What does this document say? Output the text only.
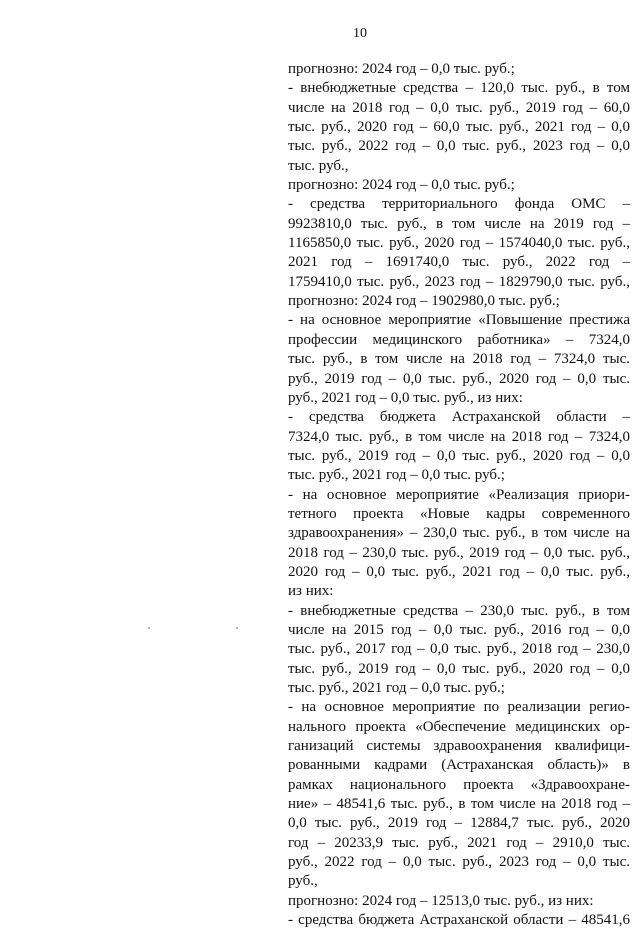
10
прогнозно: 2024 год – 0,0 тыс. руб.;
- внебюджетные средства – 120,0 тыс. руб., в том
числе на 2018 год – 0,0 тыс. руб., 2019 год – 60,0
тыс. руб., 2020 год – 60,0 тыс. руб., 2021 год – 0,0
тыс. руб., 2022 год – 0,0 тыс. руб., 2023 год – 0,0
тыс. руб.,
прогнозно: 2024 год – 0,0 тыс. руб.;
- средства территориального фонда ОМС –
9923810,0 тыс. руб., в том числе на 2019 год –
1165850,0 тыс. руб., 2020 год – 1574040,0 тыс. руб.,
2021 год – 1691740,0 тыс. руб., 2022 год –
1759410,0 тыс. руб., 2023 год – 1829790,0 тыс. руб.,
прогнозно: 2024 год – 1902980,0 тыс. руб.;
- на основное мероприятие «Повышение престижа
профессии медицинского работника» – 7324,0
тыс. руб., в том числе на 2018 год – 7324,0 тыс.
руб., 2019 год – 0,0 тыс. руб., 2020 год – 0,0 тыс.
руб., 2021 год – 0,0 тыс. руб., из них:
- средства бюджета Астраханской области –
7324,0 тыс. руб., в том числе на 2018 год – 7324,0
тыс. руб., 2019 год – 0,0 тыс. руб., 2020 год – 0,0
тыс. руб., 2021 год – 0,0 тыс. руб.;
- на основное мероприятие «Реализация приори-
тетного проекта «Новые кадры современного
здравоохранения» – 230,0 тыс. руб., в том числе на
2018 год – 230,0 тыс. руб., 2019 год – 0,0 тыс. руб.,
2020 год – 0,0 тыс. руб., 2021 год – 0,0 тыс. руб.,
из них:
- внебюджетные средства – 230,0 тыс. руб., в том
числе на 2015 год – 0,0 тыс. руб., 2016 год – 0,0
тыс. руб., 2017 год – 0,0 тыс. руб., 2018 год – 230,0
тыс. руб., 2019 год – 0,0 тыс. руб., 2020 год – 0,0
тыс. руб., 2021 год – 0,0 тыс. руб.;
- на основное мероприятие по реализации регио-
нального проекта «Обеспечение медицинских ор-
ганизаций системы здравоохранения квалифици-
рованными кадрами (Астраханская область)» в
рамках национального проекта «Здравоохране-
ние» – 48541,6 тыс. руб., в том числе на 2018 год –
0,0 тыс. руб., 2019 год – 12884,7 тыс. руб., 2020
год – 20233,9 тыс. руб., 2021 год – 2910,0 тыс.
руб., 2022 год – 0,0 тыс. руб., 2023 год – 0,0 тыс.
руб.,
прогнозно: 2024 год – 12513,0 тыс. руб., из них:
- средства бюджета Астраханской области – 48541,6
